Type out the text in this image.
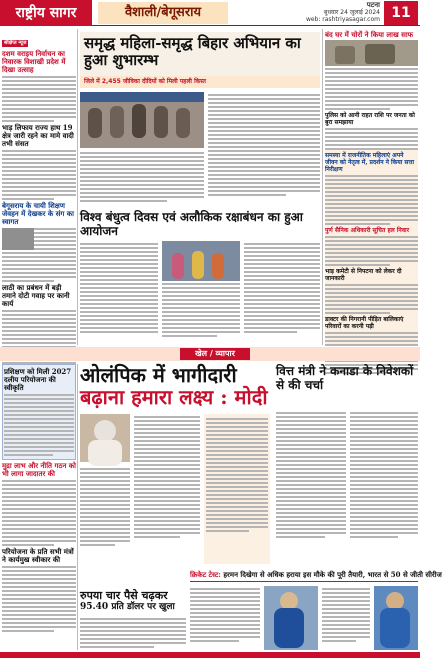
राष्ट्रीय सागर	वैशाली/बेगूसराय	पटना
बुधवार 24 जुलाई 2024
web: rashtriyasagar.com 11
संक्षिप्त न्यूज
दशम वराइय निर्वाचन का निवारक विशाखी प्रदेश में दिखा उत्साह
भाड़ लिफाय राज्य हाथ 19 क्षेत्र जारी रहने का मामे वादी तभी संसत
बेगूसराय के चायी शिक्षण जेवहन में देखकर के संग का स्वागत
लाठी का प्रबंधन में बड़ी तमाने दोटी गवाह पर कानी कार्य
समृद्ध महिला-समृद्ध बिहार अभियान का हुआ शुभारम्भ
जिले में 2,455 जीविका दीदियों को मिली पहली किस्त
विश्व बंधुत्व दिवस एवं अलौकिक रक्षाबंधन का हुआ आयोजन
बंद घर में चोरों ने किया लाख साफ
पुलिस को आनी राहत राशि पर जनता को बुरा समझाया
समस्या में राजनीतिक महिलाएं अपने जीवन को नेतृत्व में, प्रदर्शन ने किया सत्ता निरीक्षण
पुर्ण सैनिक अधिकारी सूचित हल निवार
भाड़ कमेटी से निपटना को लेकर दी जानकारी
डाक्टर की निगरानी पीड़ित बालिकाएं परिवारों का करनी पड़ी
खेल / व्यापार
प्रशिक्षण को मिली 2027 दलीय परियोजना की स्वीकृति
मुद्रा लाभ और नीति गठन को भी लागा जादातर की
परियोजना के प्रति सभी मंत्रों ने कार्यमुख स्वीकार की
ओलंपिक में भागीदारी
बढ़ाना हमारा लक्ष्य : मोदी
वित्त मंत्री ने कनाडा के निवेशकों से की चर्चा
क्रिकेट टेस्ट: हरमन दिखेगा से अधिक हराया इस मौके की पूरी तैयारी, भारत से 50 से जीती सीरीज
रुपया चार पैसे चढ़कर
95.40 प्रति डॉलर पर खुला
